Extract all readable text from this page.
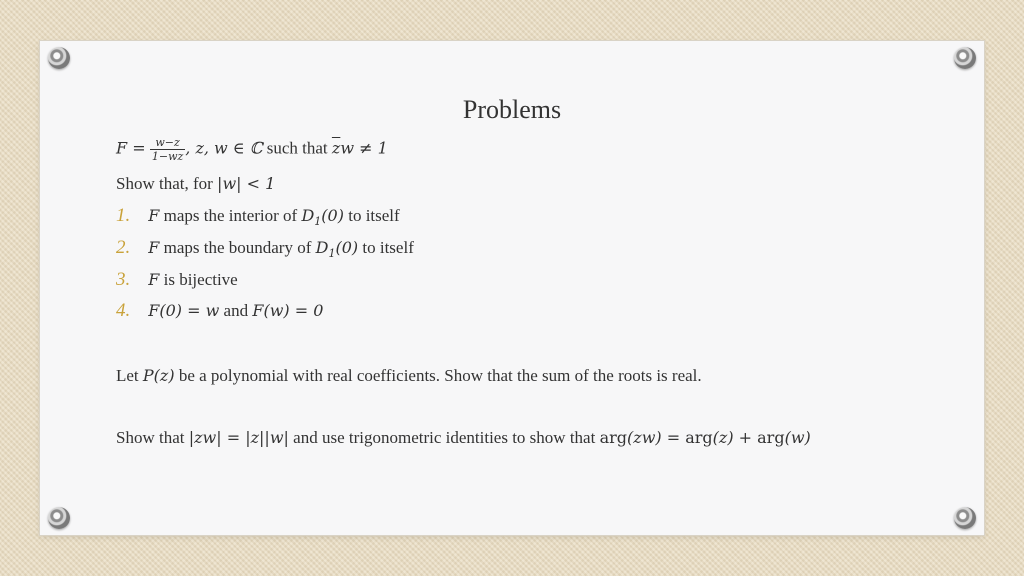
Problems
$F = \frac{w-z}{1-\overline{w}z}$ , z, w ∈ ℂ such that $\overline{z}w \ne 1$
Show that, for |w| < 1
1. F maps the interior of $D_1(0)$ to itself
2. F maps the boundary of $D_1(0)$ to itself
3. F is bijective
4. F(0) = w and F(w) = 0
Let P(z) be a polynomial with real coefficients. Show that the sum of the roots is real.
Show that |zw| = |z||w| and use trigonometric identities to show that arg(zw) = arg(z) + arg(w)
